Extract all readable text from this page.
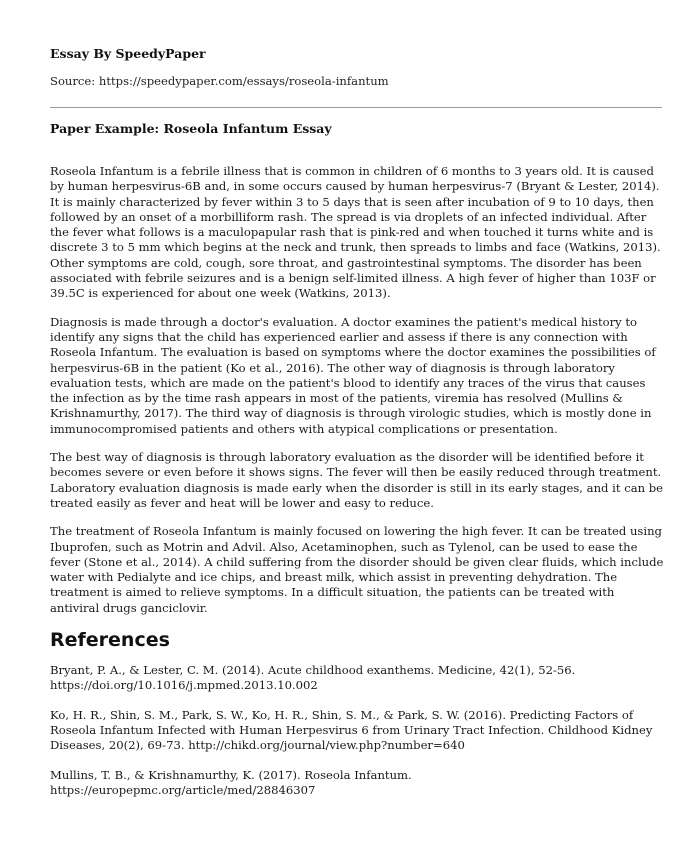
Essay By SpeedyPaper
Source: https://speedypaper.com/essays/roseola-infantum
Paper Example: Roseola Infantum Essay

Roseola Infantum is a febrile illness that is common in children of 6 months to 3 years old. It is caused by human herpesvirus-6B and, in some occurs caused by human herpesvirus-7 (Bryant & Lester, 2014). It is mainly characterized by fever within 3 to 5 days that is seen after incubation of 9 to 10 days, then followed by an onset of a morbilliform rash. The spread is via droplets of an infected individual. After the fever what follows is a maculopapular rash that is pink-red and when touched it turns white and is discrete 3 to 5 mm which begins at the neck and trunk, then spreads to limbs and face (Watkins, 2013). Other symptoms are cold, cough, sore throat, and gastrointestinal symptoms. The disorder has been associated with febrile seizures and is a benign self-limited illness. A high fever of higher than 103F or 39.5C is experienced for about one week (Watkins, 2013).

Diagnosis is made through a doctor's evaluation. A doctor examines the patient's medical history to identify any signs that the child has experienced earlier and assess if there is any connection with Roseola Infantum. The evaluation is based on symptoms where the doctor examines the possibilities of herpesvirus-6B in the patient (Ko et al., 2016). The other way of diagnosis is through laboratory evaluation tests, which are made on the patient's blood to identify any traces of the virus that causes the infection as by the time rash appears in most of the patients, viremia has resolved (Mullins & Krishnamurthy, 2017). The third way of diagnosis is through virologic studies, which is mostly done in immunocompromised patients and others with atypical complications or presentation.

The best way of diagnosis is through laboratory evaluation as the disorder will be identified before it becomes severe or even before it shows signs. The fever will then be easily reduced through treatment. Laboratory evaluation diagnosis is made early when the disorder is still in its early stages, and it can be treated easily as fever and heat will be lower and easy to reduce.

The treatment of Roseola Infantum is mainly focused on lowering the high fever. It can be treated using Ibuprofen, such as Motrin and Advil. Also, Acetaminophen, such as Tylenol, can be used to ease the fever (Stone et al., 2014). A child suffering from the disorder should be given clear fluids, which include water with Pedialyte and ice chips, and breast milk, which assist in preventing dehydration. The treatment is aimed to relieve symptoms. In a difficult situation, the patients can be treated with antiviral drugs ganciclovir.

References

Bryant, P. A., & Lester, C. M. (2014). Acute childhood exanthems. Medicine, 42(1), 52-56. https://doi.org/10.1016/j.mpmed.2013.10.002

Ko, H. R., Shin, S. M., Park, S. W., Ko, H. R., Shin, S. M., & Park, S. W. (2016). Predicting Factors of Roseola Infantum Infected with Human Herpesvirus 6 from Urinary Tract Infection. Childhood Kidney Diseases, 20(2), 69-73. http://chikd.org/journal/view.php?number=640

Mullins, T. B., & Krishnamurthy, K. (2017). Roseola Infantum. https://europepmc.org/article/med/28846307
